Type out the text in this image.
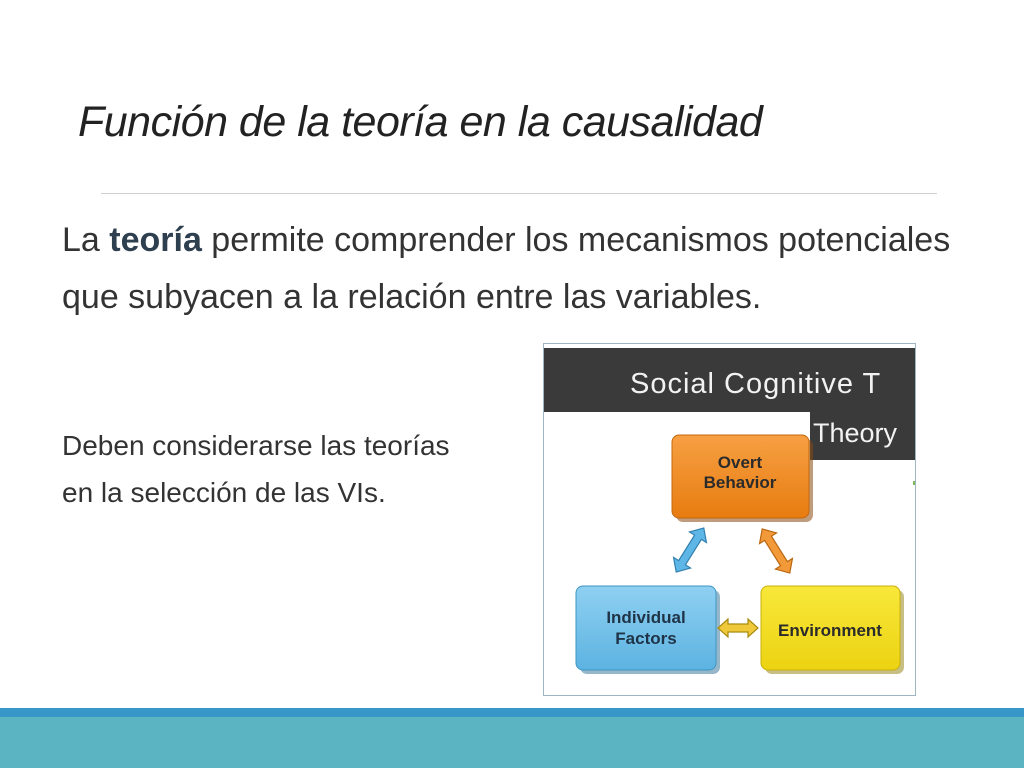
Función de la teoría en la causalidad

La teoría permite comprender los mecanismos potenciales que subyacen a la relación entre las variables.

Deben considerarse las teorías en la selección de las VIs.

Social Cognitive T
Theory
Overt
Behavior
Individual
Factors	Environment
